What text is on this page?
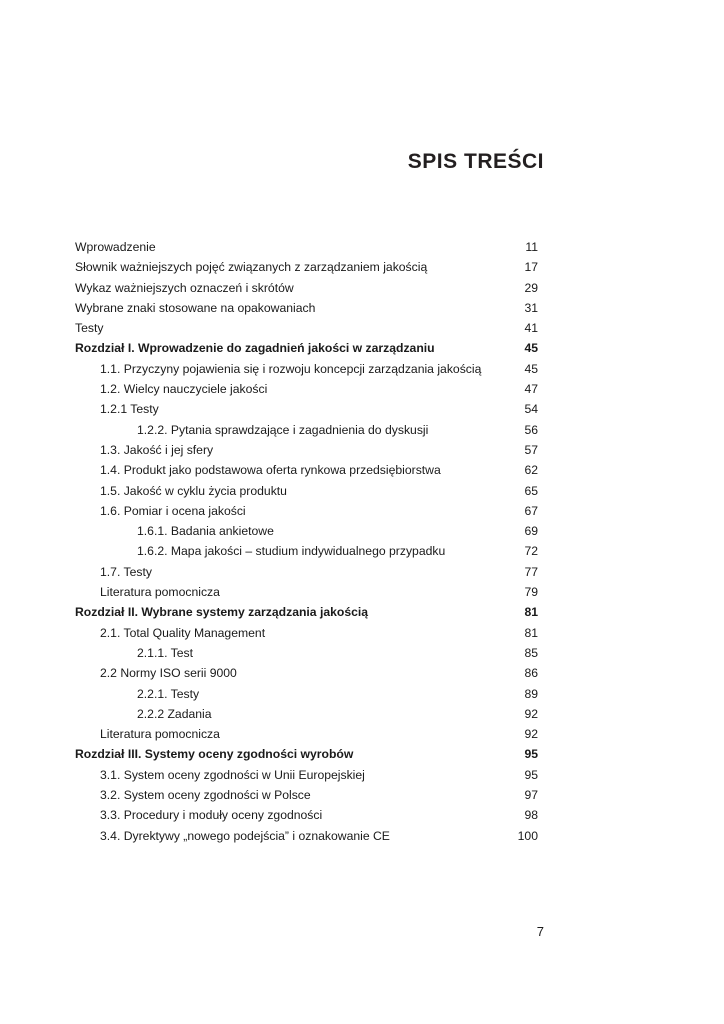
SPIS TREŚCI
Wprowadzenie	11
Słownik ważniejszych pojęć związanych z zarządzaniem jakością	17
Wykaz ważniejszych oznaczeń i skrótów	29
Wybrane znaki stosowane na opakowaniach	31
Testy	41
Rozdział I. Wprowadzenie do zagadnień jakości w zarządzaniu	45
1.1. Przyczyny pojawienia się i rozwoju koncepcji zarządzania jakością	45
1.2. Wielcy nauczyciele jakości	47
1.2.1 Testy	54
1.2.2. Pytania sprawdzające i zagadnienia do dyskusji	56
1.3. Jakość i jej sfery	57
1.4. Produkt jako podstawowa oferta rynkowa przedsiębiorstwa	62
1.5. Jakość w cyklu życia produktu	65
1.6. Pomiar i ocena jakości	67
1.6.1. Badania ankietowe	69
1.6.2. Mapa jakości – studium indywidualnego przypadku	72
1.7. Testy	77
Literatura pomocnicza	79
Rozdział II. Wybrane systemy zarządzania jakością	81
2.1. Total Quality Management	81
2.1.1. Test	85
2.2 Normy ISO serii 9000	86
2.2.1. Testy	89
2.2.2 Zadania	92
Literatura pomocnicza	92
Rozdział III. Systemy oceny zgodności wyrobów	95
3.1. System oceny zgodności w Unii Europejskiej	95
3.2. System oceny zgodności w Polsce	97
3.3. Procedury i moduły oceny zgodności	98
3.4. Dyrektywy „nowego podejścia” i oznakowanie CE	100
7
